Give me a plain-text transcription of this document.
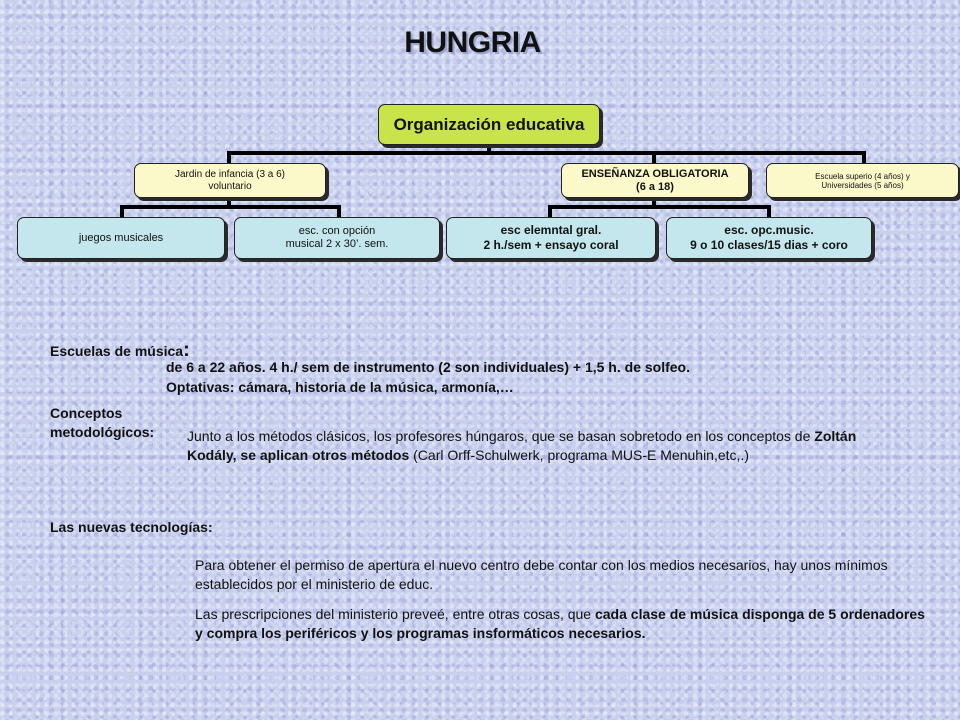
HUNGRIA
Organización educativa
Jardin de infancia (3 a 6)
voluntario
ENSEÑANZA OBLIGATORIA
(6 a 18)
Escuela superio (4 años) y
Universidades (5 años)
juegos musicales
esc. con opción
musical 2 x 30’. sem.
esc elemntal gral.
2 h./sem + ensayo coral
esc. opc.music.
9 o 10 clases/15 dias + coro

Escuelas de música:

de 6 a 22 años. 4 h./ sem de instrumento (2 son individuales) + 1,5 h. de solfeo.
Optativas: cámara, historia de la música, armonía,…
Conceptos
metodológicos: Junto a los métodos clásicos, los profesores húngaros, que se basan sobretodo en los conceptos de Zoltán Kodály, se aplican otros métodos (Carl Orff-Schulwerk, programa MUS-E Menuhin,etc,.)
Las nuevas tecnologías:
Para obtener el permiso de apertura el nuevo centro debe contar con los medios necesarios, hay unos mínimos establecidos por el ministerio de educ.
Las prescripciones del ministerio preveé, entre otras cosas, que cada clase de música disponga de 5 ordenadores y compra los periféricos y los programas insformáticos necesarios.
